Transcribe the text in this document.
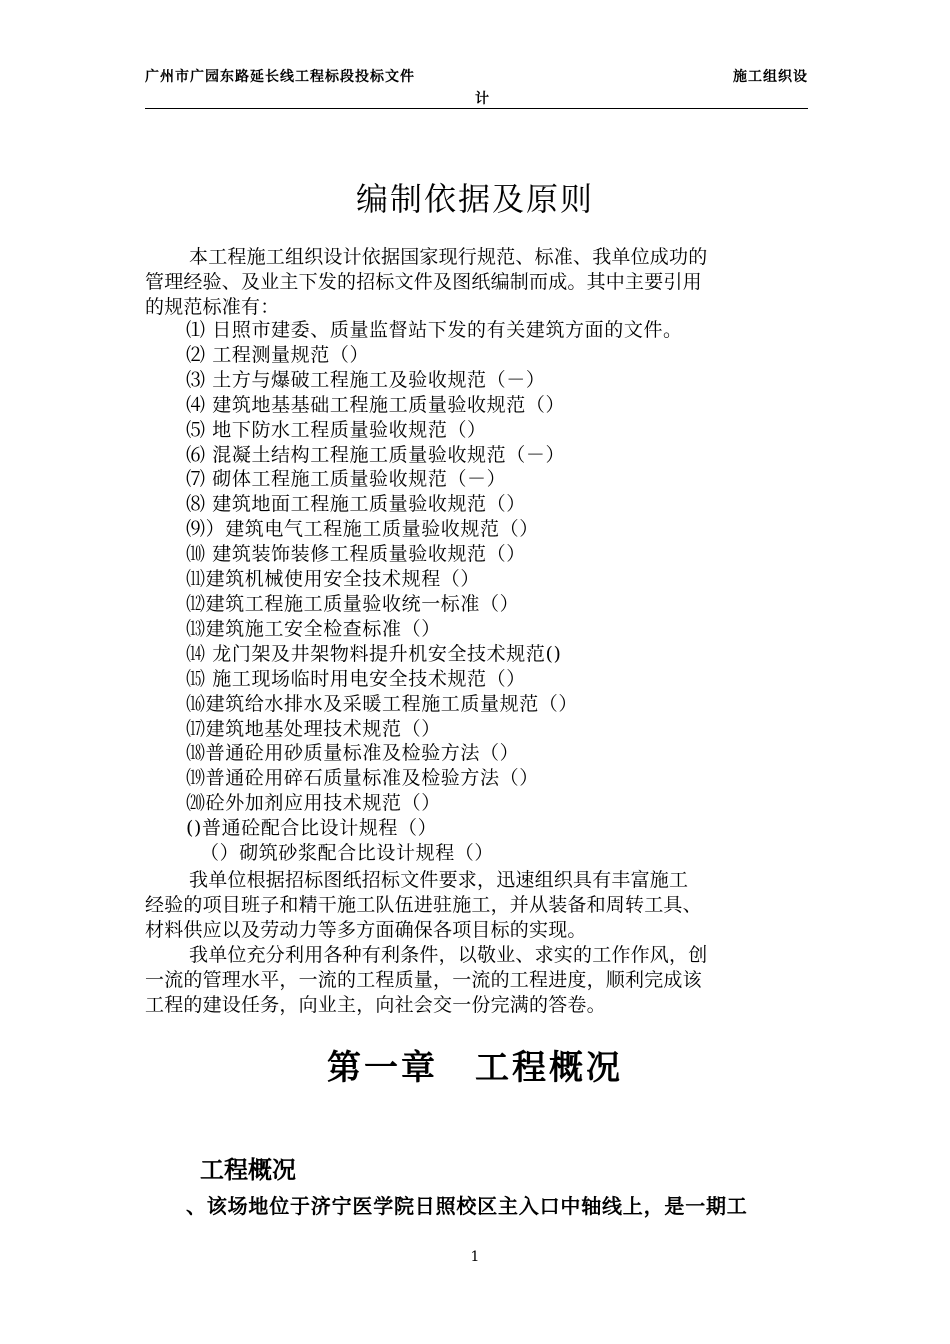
广州市广园东路延长线工程标段投标文件	施工组织设
计
编制依据及原则
本工程施工组织设计依据国家现行规范、标准、我单位成功的
管理经验、及业主下发的招标文件及图纸编制而成。其中主要引用
的规范标准有：
⑴ 日照市建委、质量监督站下发的有关建筑方面的文件。
⑵ 工程测量规范（）
⑶ 土方与爆破工程施工及验收规范（－）
⑷ 建筑地基基础工程施工质量验收规范（）
⑸ 地下防水工程质量验收规范（）
⑹ 混凝土结构工程施工质量验收规范（－）
⑺ 砌体工程施工质量验收规范（－）
⑻ 建筑地面工程施工质量验收规范（）
⑼）建筑电气工程施工质量验收规范（）
⑽ 建筑装饰装修工程质量验收规范（）
⑾建筑机械使用安全技术规程（）
⑿建筑工程施工质量验收统一标准（）
⒀建筑施工安全检查标准（）
⒁ 龙门架及井架物料提升机安全技术规范()
⒂ 施工现场临时用电安全技术规范（）
⒃建筑给水排水及采暖工程施工质量规范（）
⒄建筑地基处理技术规范（）
⒅普通砼用砂质量标准及检验方法（）
⒆普通砼用碎石质量标准及检验方法（）
⒇砼外加剂应用技术规范（）
()普通砼配合比设计规程（）
（）砌筑砂浆配合比设计规程（）
我单位根据招标图纸招标文件要求，迅速组织具有丰富施工
经验的项目班子和精干施工队伍进驻施工，并从装备和周转工具、
材料供应以及劳动力等多方面确保各项目标的实现。
我单位充分利用各种有利条件，以敬业、求实的工作作风，创
一流的管理水平，一流的工程质量，一流的工程进度，顺利完成该
工程的建设任务，向业主，向社会交一份完满的答卷。
第一章　工程概况
工程概况
、该场地位于济宁医学院日照校区主入口中轴线上，是一期工
1
